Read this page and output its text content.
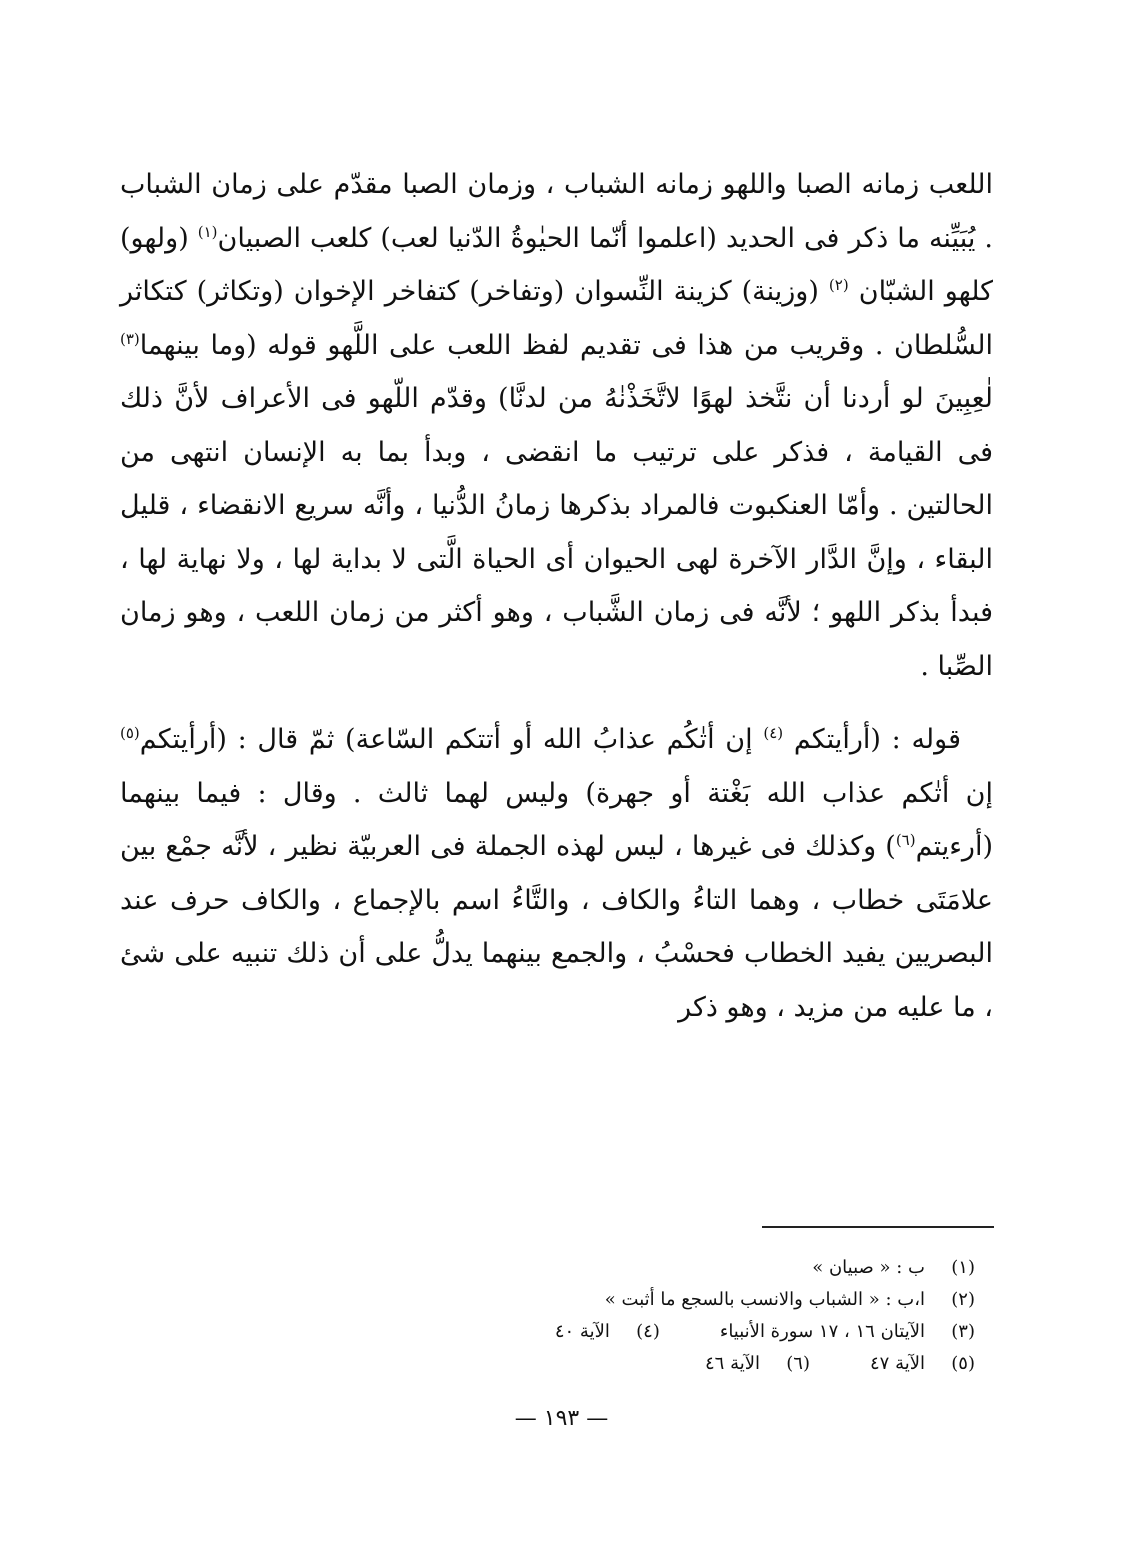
اللعب زمانه الصبا واللهو زمانه الشباب ، وزمان الصبا مقدّم على زمان الشباب . يُبَيِّنه ما ذكر فى الحديد (اعلموا أنّما الحيٰوةُ الدّنيا لعب) كلعب الصبيان$^{(١)}$ (ولهو) كلهو الشبّان $^{(٢)}$ (وزينة) كزينة النِّسوان (وتفاخر) كتفاخر الإخوان (وتكاثر) كتكاثر السُّلطان . وقريب من هذا فى تقديم لفظ اللعب على اللَّهو قوله (وما بينهما$^{(٣)}$ لٰعِبِينَ لو أردنا أن نتَّخذ لهوًا لاتَّخَذْنٰهُ من لدنَّا) وقدّم اللّهو فى الأعراف لأنَّ ذلك فى القيامة ، فذكر على ترتيب ما انقضى ، وبدأ بما به الإنسان انتهى من الحالتين . وأمّا العنكبوت فالمراد بذكرها زمانُ الدُّنيا ، وأنَّه سريع الانقضاء ، قليل البقاء ، وإنَّ الدَّار الآخرة لهى الحيوان أى الحياة الَّتى لا بداية لها ، ولا نهاية لها ، فبدأ بذكر اللهو ؛ لأنَّه فى زمان الشَّباب ، وهو أكثر من زمان اللعب ، وهو زمان الصِّبا .

قوله : (أرأيتكم $^{(٤)}$ إن أتٰكُم عذابُ الله أو أتتكم السّاعة) ثمّ قال : (أرأيتكم$^{(٥)}$ إن أتٰكم عذاب الله بَغْتة أو جهرة) وليس لهما ثالث . وقال : فيما بينهما (أرءيتم$^{(٦)}$) وكذلك فى غيرها ، ليس لهذه الجملة فى العربيّة نظير ، لأنَّه جمْع بين علامَتَى خطاب ، وهما التاءُ والكاف ، والتَّاءُ اسم بالإجماع ، والكاف حرف عند البصريين يفيد الخطاب فحسْبُ ، والجمع بينهما يدلُّ على أن ذلك تنبيه على شئ ، ما عليه من مزيد ، وهو ذكر

(١)
ب : « صبيان »
(٢)
ا،ب : « الشباب والانسب بالسجع ما أثبت »
(٣)
الآيتان ١٦ ، ١٧ سورة الأنبياء
(٤)
الآية ٤٠
(٥)
الآية ٤٧
(٦)
الآية ٤٦
— ١٩٣ —
